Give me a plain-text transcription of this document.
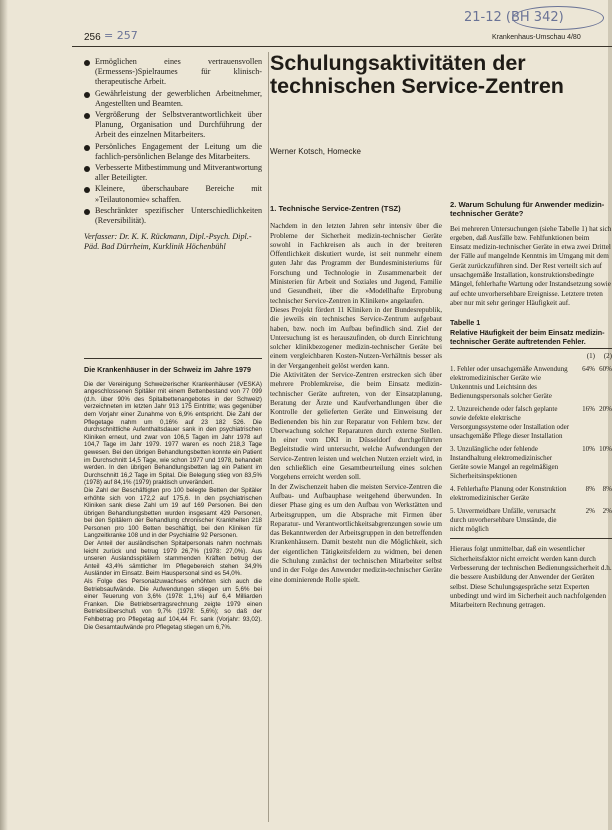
256 = 257
21-12 (BH 342)
Krankenhaus-Umschau 4/80
Ermöglichen eines vertrauensvollen (Ermessens-)Spielraumes für klinisch-therapeutische Arbeit.
Gewährleistung der gewerblichen Arbeitnehmer, Angestellten und Beamten.
Vergrößerung der Selbstverantwortlichkeit über Planung, Organisation und Durchführung der Arbeit des einzelnen Mitarbeiters.
Persönliches Engagement der Leitung um die fachlich-persönlichen Belange des Mitarbeiters.
Verbesserte Mitbestimmung und Mitverantwortung aller Beteiligter.
Kleinere, überschaubare Bereiche mit »Teilautonomie« schaffen.
Beschränkter spezifischer Unterschiedlichkeiten (Reversibilität).
Verfasser: Dr. K. K. Rückmann, Dipl.-Psych. Dipl.-Päd. Bad Dürrheim, Kurklinik Höchenbühl
Die Krankenhäuser in der Schweiz im Jahre 1979

Die der Vereinigung Schweizerischer Krankenhäuser (VESKA) angeschlossenen Spitäler mit einem Bettenbestand von 77 099 (d.h. über 90% des Spitalbettenangebotes in der Schweiz) verzeichneten im letzten Jahr 913 175 Eintritte; was gegenüber dem Vorjahr einer Zunahme von 6,9% entspricht. Die Zahl der Pflegetage nahm um 0,16% auf 23 182 526. Die durchschnittliche Aufenthaltsdauer sank in den psychiatrischen Kliniken erneut, und zwar von 106,5 Tagen im Jahr 1978 auf 104,7 Tage im Jahr 1979. 1977 waren es noch 218,3 Tage gewesen. Bei den übrigen Behandlungsbetten konnte ein Patient im Durchschnitt 14,5 Tage, wie schon 1977 und 1978, behandelt werden. In den übrigen Behandlungsbetten lag ein Patient im Durchschnitt 16,2 Tage im Spital. Die Belegung stieg von 83,5% (1978) auf 84,1% (1979) praktisch unverändert.

Die Zahl der Beschäftigten pro 100 belegte Betten der Spitäler erhöhte sich von 172,2 auf 175,6. In den psychiatrischen Kliniken sank diese Zahl um 19 auf 169 Personen. Bei den übrigen Behandlungsbetten wurden insgesamt 429 Personen, bei den Spitälern der Behandlung chronischer Krankheiten 218 Personen pro 100 Betten beschäftigt, bei den Kliniken für Langzeitkranke 108 und in der Psychiatrie 92 Personen.

Der Anteil der ausländischen Spitalpersonals nahm nochmals leicht zurück und betrug 1979 26,7% (1978: 27,0%). Aus unseren Auslandsspitälern stammenden Kräften betrug der Anteil 43,4% sämtlicher Im Pflegebereich stehen 34,9% Ausländer im Einsatz. Beim Hauspersonal sind es 54,0%.

Als Folge des Personalzuwachses erhöhten sich auch die Betriebsaufwände. Die Aufwendungen stiegen um 5,6% bei einer Teuerung von 3,6% (1978: 1,1%) auf 6,4 Milliarden Franken. Die Betriebsertragsrechnung zeigte 1979 einen Betriebsüberschuß von 9,7% (1978: 5,6%); so daß der Fehlbetrag pro Pflegetag auf 104,44 Fr. sank (Vorjahr: 93,02). Die Gesamtaufwände pro Pflegetag stiegen um 6,7%.

Schulungsaktivitäten der technischen Service-Zentren
Werner Kotsch, Homecke
1. Technische Service-Zentren (TSZ)

Nachdem in den letzten Jahren sehr intensiv über die Probleme der Sicherheit medizin-technischer Geräte sowohl in Fachkreisen als auch in der breiteren Öffentlichkeit diskutiert wurde, ist seit nunmehr einem guten Jahr das Programm der Bundesministeriums für Forschung und Technologie in Zusammenarbeit der Ministerien für Arbeit und Soziales und Jugend, Familie und Gesundheit, über die »Modellhafte Erprobung technischer Service-Zentren in Kliniken« angelaufen.

Dieses Projekt fördert 11 Kliniken in der Bundesrepublik, die jeweils ein technisches Service-Zentrum aufgebaut haben, bzw. noch im Aufbau befindlich sind. Ziel der Untersuchung ist es herauszufinden, ob durch Einrichtung solcher klinikbezogener medizin-technischer Geräte bei einem vergleichbaren Kosten-Nutzen-Verhältnis besser als in der Vergangenheit gelöst werden kann.

Die Aktivitäten der Service-Zentren erstrecken sich über mehrere Problemkreise, die beim Einsatz medizin-technischer Geräte auftreten, von der Einsatzplanung, Beratung der Ärzte und Kaufverhandlungen über die Kontrolle der gelieferten Geräte und Einweisung der Bedienenden bis hin zur Reparatur von Fehlern bzw. der Überwachung solcher Reparaturen durch externe Stellen. In einer vom DKI in Düsseldorf durchgeführten Begleitstudie wird untersucht, welche Aufwendungen der Service-Zentren leisten und welchen Nutzen erzielt wird, in den schließlich eine Gesamtbeurteilung eines solchen Vorgehens erreicht werden soll.

In der Zwischenzeit haben die meisten Service-Zentren die Aufbau- und Aufbauphase weitgehend überwunden. In dieser Phase ging es um den Aufbau von Werkstätten und Arbeitsgruppen, um die Absprache mit Firmen über Reparatur- und Verantwortlichkeitsabgrenzungen sowie um das Bekanntwerden der Arbeitsgruppen in den betreffenden Krankenhäusern. Damit besteht nun die Möglichkeit, sich der eigentlichen Tätigkeitsfeldern zu widmen, bei denen die Schulung zunächst der technischen Mitarbeiter selbst und in der Folge des Anwender medizin-technischer Geräte eine dominierende Rolle spielt.

2. Warum Schulung für Anwender medizin-technischer Geräte?

Bei mehreren Untersuchungen (siehe Tabelle 1) hat sich ergeben, daß Ausfälle bzw. Fehlfunktionen beim Einsatz medizin-technischer Geräte in etwa zwei Drittel der Fälle auf mangelnde Kenntnis im Umgang mit dem Gerät zurückzuführen sind. Der Rest verteilt sich auf unsachgemäße Installation, konstruktionsbedingte Mängel, fehlerhafte Wartung oder Instandsetzung sowie auf echte unvorhersehbare Ereignisse. Letztere treten aber nur mit sehr geringer Häufigkeit auf.

Tabelle 1
Relative Häufigkeit der beim Einsatz medizin-technischer Geräte auftretenden Fehler.
(1)	(2)
1. Fehler oder unsachgemäße Anwendung elektromedizinischer Geräte wie Unkenntnis und Leichtsinn des Bedienungspersonals solcher Geräte
64% 60%
2. Unzureichende oder falsch geplante sowie defekte elektrische Versorgungssysteme oder Installation oder unsachgemäße Pflege dieser Installation
16% 20%
3. Unzulängliche oder fehlende Instandhaltung elektromedizinischer Geräte sowie Mangel an regelmäßigen Sicherheitsinspektionen
10% 10%
4. Fehlerhafte Planung oder Konstruktion elektromedizinischer Geräte
8%	8%
5. Unvermeidbare Unfälle, verursacht durch unvorhersehbare Umstände, die nicht möglich
2%	2%

Hieraus folgt unmittelbar, daß ein wesentlicher Sicherheitsfaktor nicht erreicht werden kann durch Verbesserung der technischen Bedienungssicherheit d.h. die bessere Ausbildung der Anwender der Geräten selbst. Diese Schulungsgespräche setzt Experten unbedingt und wird im Sicherheit auch nachfolgenden Mitarbeitern Rechnung getragen.
